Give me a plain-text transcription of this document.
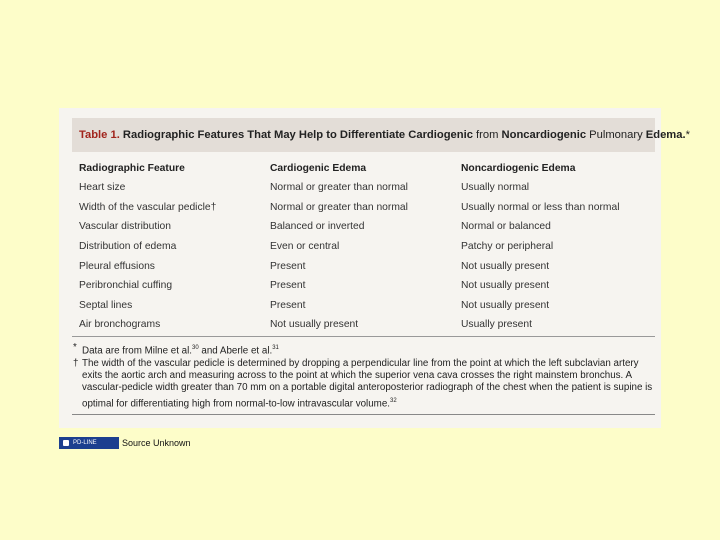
Table 1. Radiographic Features That May Help to Differentiate Cardiogenic from Noncardiogenic Pulmonary Edema.*
Radiographic Feature	Cardiogenic Edema	Noncardiogenic Edema
Heart size	Normal or greater than normal	Usually normal
Width of the vascular pedicle†	Normal or greater than normal	Usually normal or less than normal
Vascular distribution	Balanced or inverted	Normal or balanced
Distribution of edema	Even or central	Patchy or peripheral
Pleural effusions	Present	Not usually present
Peribronchial cuffing	Present	Not usually present
Septal lines	Present	Not usually present
Air bronchograms	Not usually present	Usually present
* Data are from Milne et al.$^{30}$ and Aberle et al.$^{31}$
† The width of the vascular pedicle is determined by dropping a perpendicular line from the point at which the left subclavian artery exits the aortic arch and measuring across to the point at which the superior vena cava crosses the right mainstem bronchus. A vascular-pedicle width greater than 70 mm on a portable digital anteroposterior radiograph of the chest when the patient is supine is optimal for differentiating high from normal-to-low intravascular volume.$^{32}$
PD-LINE	Source Unknown
